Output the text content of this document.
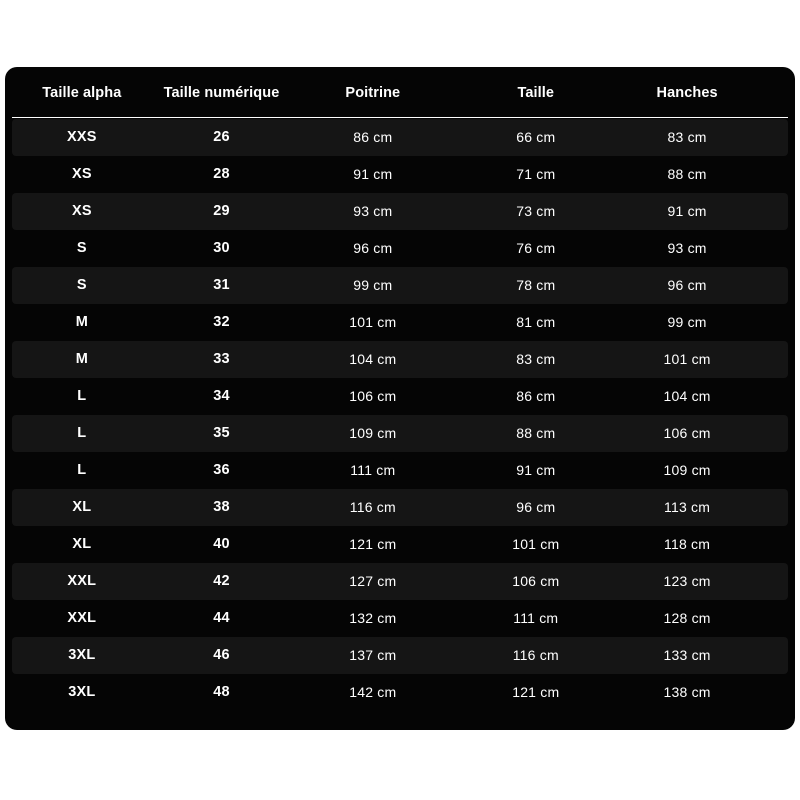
Taille alpha	Taille numérique	Poitrine	Taille	Hanches
XXS	26	86 cm	66 cm	83 cm
XS	28	91 cm	71 cm	88 cm
XS	29	93 cm	73 cm	91 cm
S	30	96 cm	76 cm	93 cm
S	31	99 cm	78 cm	96 cm
M	32	101 cm	81 cm	99 cm
M	33	104 cm	83 cm	101 cm
L	34	106 cm	86 cm	104 cm
L	35	109 cm	88 cm	106 cm
L	36	111 cm	91 cm	109 cm
XL	38	116 cm	96 cm	113 cm
XL	40	121 cm	101 cm	118 cm
XXL	42	127 cm	106 cm	123 cm
XXL	44	132 cm	111 cm	128 cm
3XL	46	137 cm	116 cm	133 cm
3XL	48	142 cm	121 cm	138 cm
